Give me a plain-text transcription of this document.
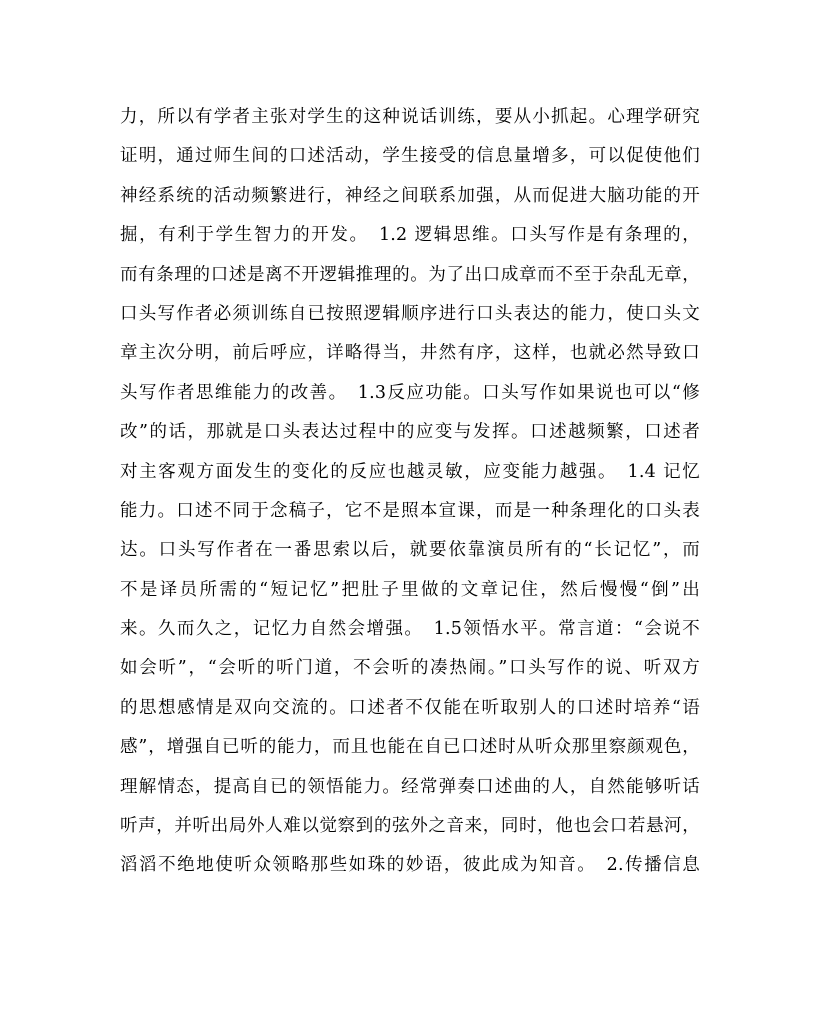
力，所以有学者主张对学生的这种说话训练，要从小抓起。心理学研究
证明，通过师生间的口述活动，学生接受的信息量增多，可以促使他们
神经系统的活动频繁进行，神经之间联系加强，从而促进大脑功能的开
掘，有利于学生智力的开发。　1.2 逻辑思维。口头写作是有条理的，
而有条理的口述是离不开逻辑推理的。为了出口成章而不至于杂乱无章，
口头写作者必须训练自已按照逻辑顺序进行口头表达的能力，使口头文
章主次分明，前后呼应，详略得当，井然有序，这样，也就必然导致口
头写作者思维能力的改善。　1.3反应功能。口头写作如果说也可以“修
改”的话，那就是口头表达过程中的应变与发挥。口述越频繁，口述者
对主客观方面发生的变化的反应也越灵敏，应变能力越强。　1.4 记忆
能力。口述不同于念稿子，它不是照本宣课，而是一种条理化的口头表
达。口头写作者在一番思索以后，就要依靠演员所有的“长记忆”，而
不是译员所需的“短记忆”把肚子里做的文章记住，然后慢慢“倒”出
来。久而久之，记忆力自然会增强。　1.5领悟水平。常言道：“会说不
如会听”，“会听的听门道，不会听的凑热闹。”口头写作的说、听双方
的思想感情是双向交流的。口述者不仅能在听取别人的口述时培养“语
感”，增强自已听的能力，而且也能在自已口述时从听众那里察颜观色，
理解情态，提高自已的领悟能力。经常弹奏口述曲的人，自然能够听话
听声，并听出局外人难以觉察到的弦外之音来，同时，他也会口若悬河，
滔滔不绝地使听众领略那些如珠的妙语，彼此成为知音。　2.传播信息
